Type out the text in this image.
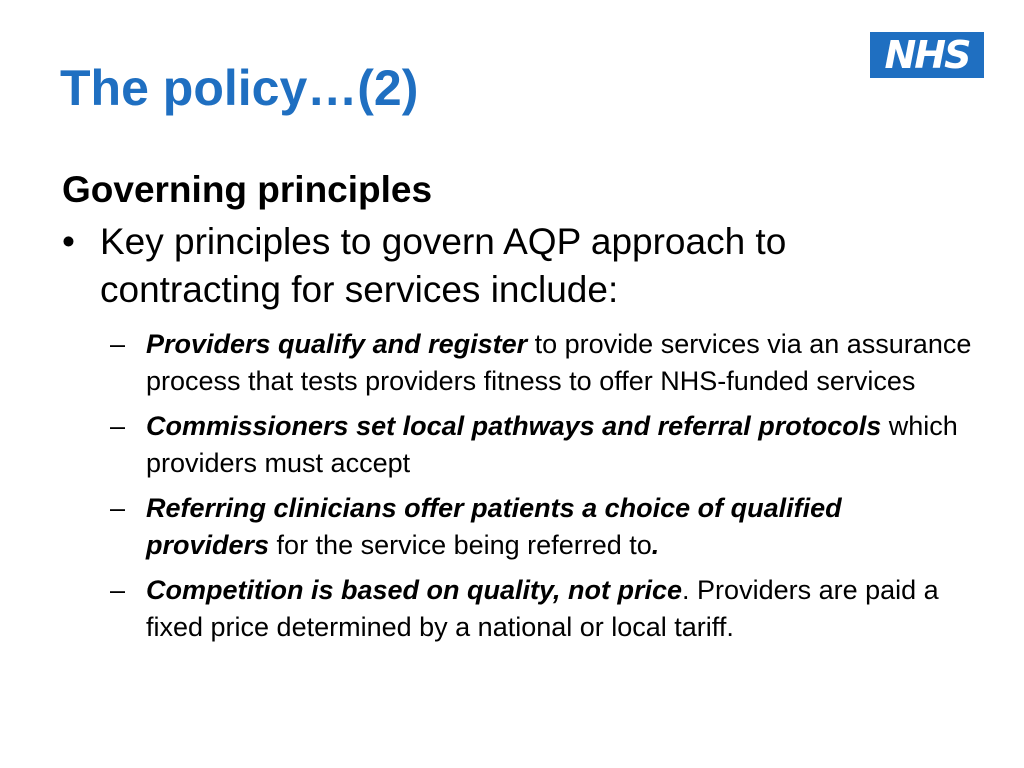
The policy…(2)
NHS
Governing principles
• Key principles to govern AQP approach to contracting for services include:
– Providers qualify and register to provide services via an assurance process that tests providers fitness to offer NHS-funded services
– Commissioners set local pathways and referral protocols which providers must accept
– Referring clinicians offer patients a choice of qualified providers for the service being referred to.
– Competition is based on quality, not price. Providers are paid a fixed price determined by a national or local tariff.
